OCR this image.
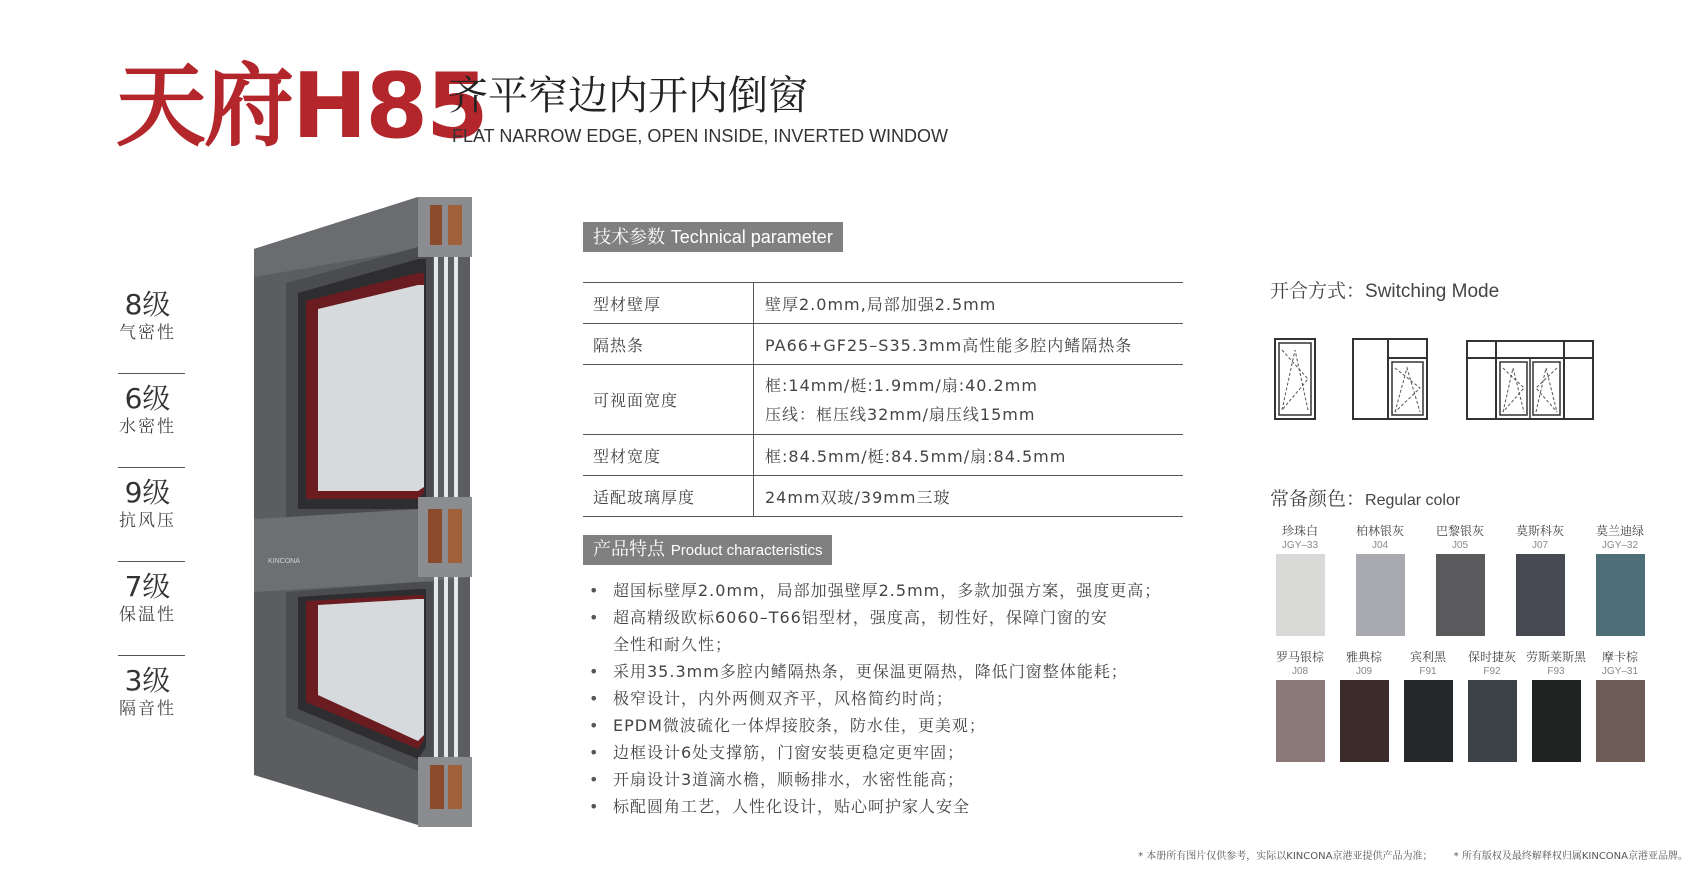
天府H85
齐平窄边内开内倒窗
FLAT NARROW EDGE, OPEN INSIDE, INVERTED WINDOW
8级
气密性
6级
水密性
9级
抗风压
7级
保温性
3级
隔音性
KINCONA
技术参数 Technical parameter
型材壁厚	壁厚2.0mm,局部加强2.5mm
隔热条	PA66+GF25–S35.3mm高性能多腔内鳍隔热条
可视面宽度	框:14mm/梃:1.9mm/扇:40.2mm
压线：框压线32mm/扇压线15mm

型材宽度	框:84.5mm/梃:84.5mm/扇:84.5mm
适配玻璃厚度	24mm双玻/39mm三玻
产品特点 Product characteristics
• 超国标壁厚2.0mm，局部加强壁厚2.5mm，多款加强方案，强度更高；
• 超高精级欧标6060–T66铝型材，强度高，韧性好，保障门窗的安
全性和耐久性；
• 采用35.3mm多腔内鳍隔热条，更保温更隔热，降低门窗整体能耗；
• 极窄设计，内外两侧双齐平，风格简约时尚；
• EPDM微波硫化一体焊接胶条，防水佳，更美观；
• 边框设计6处支撑筋，门窗安装更稳定更牢固；
• 开扇设计3道滴水檐，顺畅排水，水密性能高；
• 标配圆角工艺，人性化设计，贴心呵护家人安全
开合方式：Switching Mode
常备颜色：Regular color
珍珠白
JGY–33
柏林银灰
J04
巴黎银灰
J05
莫斯科灰
J07
莫兰迪绿
JGY–32
罗马银棕
J08
雅典棕
J09
宾利黑
F91
保时捷灰
F92
劳斯莱斯黑
F93
摩卡棕
JGY–31
* 本册所有图片仅供参考，实际以KINCONA京港亚提供产品为准； * 所有版权及最终解释权归属KINCONA京港亚品牌。
